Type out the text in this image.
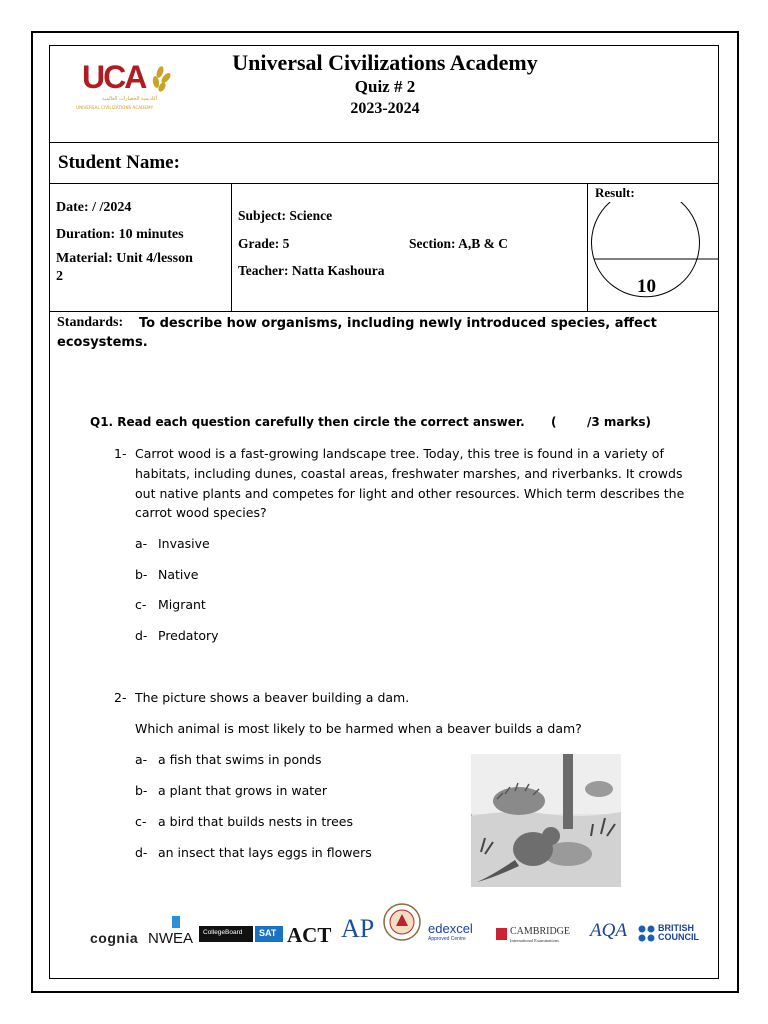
UCA
أكاديمية الحضارات العالمية
UNIVERSAL CIVILIZATIONS ACADEMY
Universal Civilizations Academy
Quiz # 2
2023-2024
Student Name:
Date: / /2024
Duration: 10 minutes
Material: Unit 4/lesson
2
Subject: Science
Grade: 5	Section: A,B & C
Teacher: Natta Kashoura
Result:
10
Standards: To describe how organisms, including newly introduced species, affect
ecosystems.
Q1. Read each question carefully then circle the correct answer. (	/3 marks)
1- Carrot wood is a fast-growing landscape tree. Today, this tree is found in a variety of
habitats, including dunes, coastal areas, freshwater marshes, and riverbanks. It crowds
out native plants and competes for light and other resources. Which term describes the
carrot wood species?
a- Invasive
b- Native
c- Migrant
d- Predatory
2- The picture shows a beaver building a dam.
Which animal is most likely to be harmed when a beaver builds a dam?
a- a fish that swims in ponds
b- a plant that grows in water
c- a bird that builds nests in trees
d- an insect that lays eggs in flowers
cognia NWEA CollegeBoard SAT ACT AP	edexcel
Approved Centre
CAMBRIDGE
International Examinations AQA	BRITISH
COUNCIL
